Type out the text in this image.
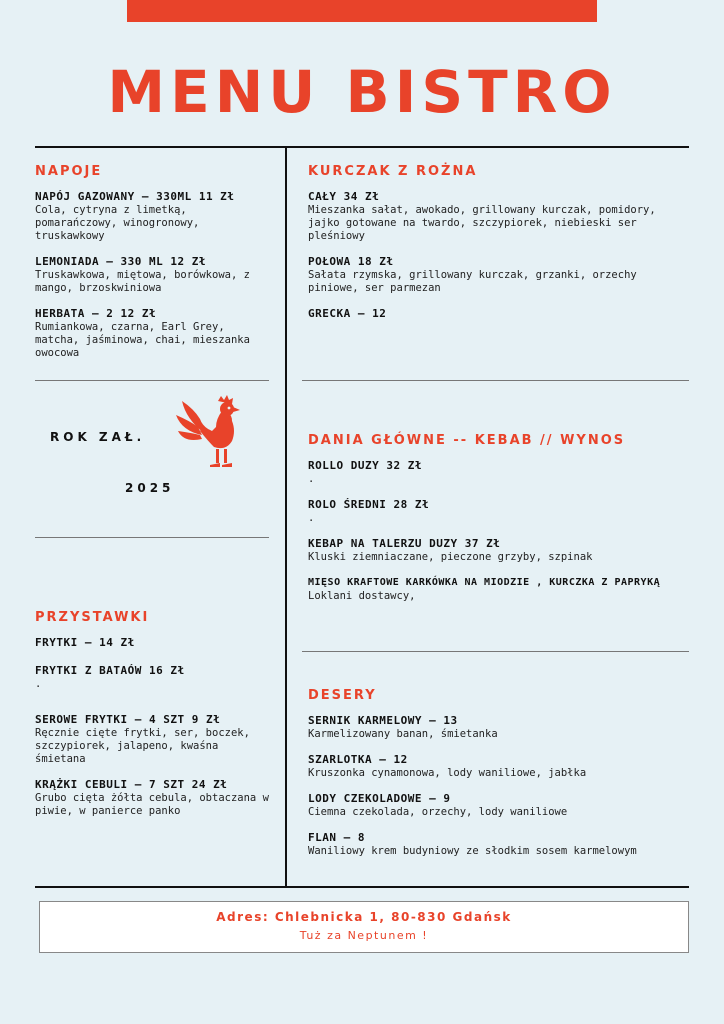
MENU BISTRO
NAPOJE
NAPÓJ GAZOWANY – 330ML 11 Zł
Cola, cytryna z limetką, pomarańczowy, winogronowy, truskawkowy
LEMONIADA – 330 ML 12 Zł
Truskawkowa, miętowa, borówkowa, z mango, brzoskwiniowa
HERBATA – 2 12 Zł
Rumiankowa, czarna, Earl Grey, matcha, jaśminowa, chai, mieszanka owocowa
KURCZAK Z ROŻNA
CAŁY 34 Zł
Mieszanka sałat, awokado, grillowany kurczak, pomidory, jajko gotowane na twardo, szczypiorek, niebieski ser pleśniowy
POŁOWA 18 Zł
Sałata rzymska, grillowany kurczak, grzanki, orzechy piniowe, ser parmezan
GRECKA – 12
ROK ZAŁ.
2025
DANIA GŁÓWNE -- KEBAB // WYNOS
ROLLO DUZY 32 Zł
.
ROLO ŚREDNI 28 Zł
.
KEBAP NA TALERZU DUZY 37 Zł
Kluski ziemniaczane, pieczone grzyby, szpinak
MIĘSO KRAFTOWE KARKÓWKA NA MIODZIE , KURCZKA Z PAPRYKĄ
Loklani dostawcy,
PRZYSTAWKI
FRYTKI – 14 Zł
FRYTKI Z BATAÓW 16 Zł
.
SEROWE FRYTKI – 4 SZT 9 Zł
Ręcznie cięte frytki, ser, boczek, szczypiorek, jalapeno, kwaśna śmietana
KRĄŻKI CEBULI – 7 SZT 24 Zł
Grubo cięta żółta cebula, obtaczana w piwie, w panierce panko
DESERY
SERNIK KARMELOWY – 13
Karmelizowany banan, śmietanka
SZARLOTKA – 12
Kruszonka cynamonowa, lody waniliowe, jabłka
LODY CZEKOLADOWE – 9
Ciemna czekolada, orzechy, lody waniliowe
FLAN – 8
Waniliowy krem budyniowy ze słodkim sosem karmelowym
Adres: Chlebnicka 1, 80-830 Gdańsk
Tuż za Neptunem !
